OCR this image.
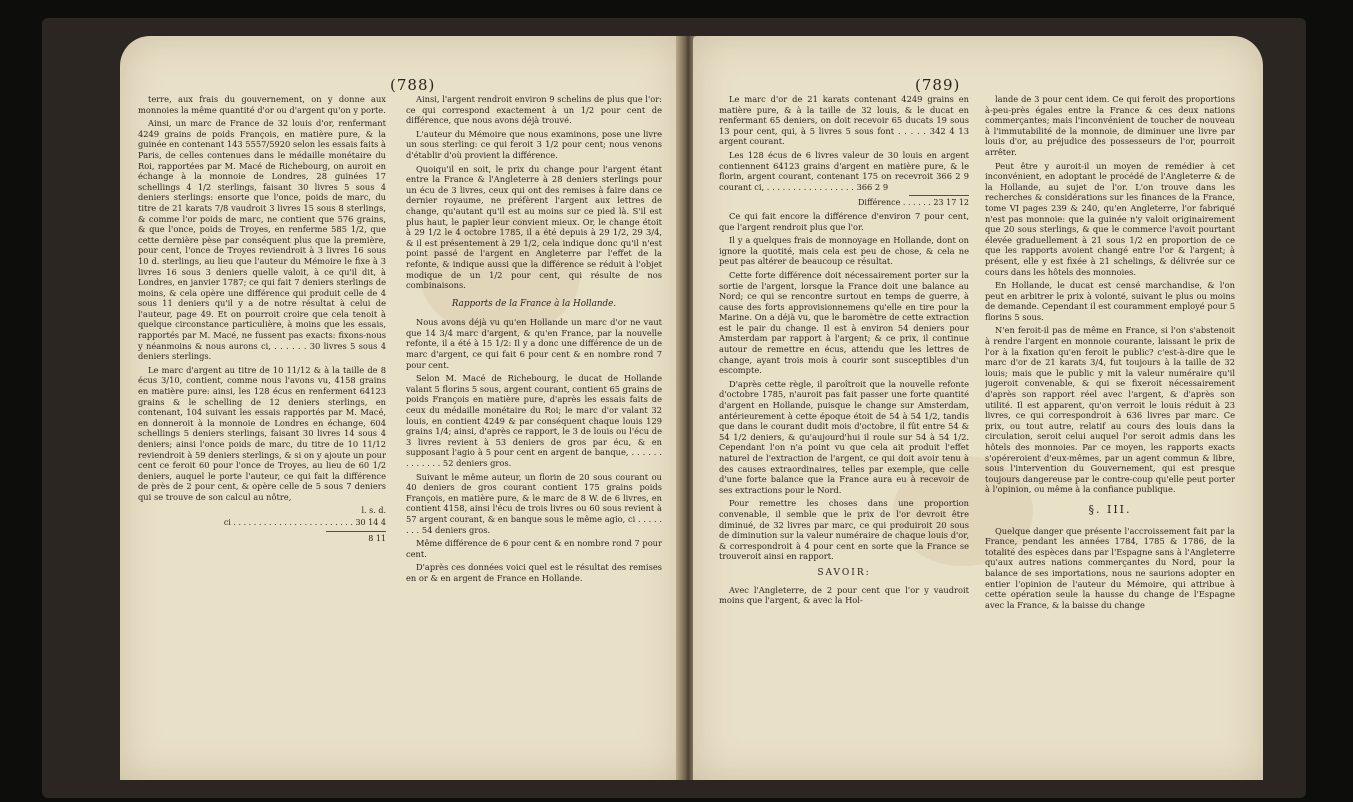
(788)

terre, aux frais du gouvernement, on y donne aux monnoies la même quantité d'or ou d'argent qu'on y porte.

Ainsi, un marc de France de 32 louis d'or, renfermant 4249 grains de poids François, en matière pure, & la guinée en contenant 143 5557/5920 selon les essais faits à Paris, de celles contenues dans le médaille monétaire du Roi, rapportées par M. Macé de Richebourg, on auroit en échange à la monnoie de Londres, 28 guinées 17 schellings 4 1/2 sterlings, faisant 30 livres 5 sous 4 deniers sterlings: ensorte que l'once, poids de marc, du titre de 21 karats 7/8 vaudroit 3 livres 15 sous 8 sterlings, & comme l'or poids de marc, ne contient que 576 grains, & que l'once, poids de Troyes, en renferme 585 1/2, que cette dernière pèse par conséquent plus que la première, pour cent, l'once de Troyes reviendroit à 3 livres 16 sous 10 d. sterlings, au lieu que l'auteur du Mémoire le fixe à 3 livres 16 sous 3 deniers quelle valoit, à ce qu'il dit, à Londres, en janvier 1787; ce qui fait 7 deniers sterlings de moins, & cela opère une différence qui produit celle de 4 sous 11 deniers qu'il y a de notre résultat à celui de l'auteur, page 49. Et on pourroit croire que cela tenoit à quelque circonstance particulière, à moins que les essais, rapportés par M. Macé, ne fussent pas exacts: fixons-nous y néanmoins & nous aurons ci, . . . . . . 30 livres 5 sous 4 deniers sterlings.

Le marc d'argent au titre de 10 11/12 & à la taille de 8 écus 3/10, contient, comme nous l'avons vu, 4158 grains en matière pure: ainsi, les 128 écus en renferment 64123 grains & le schelling de 12 deniers sterlings, en contenant, 104 suivant les essais rapportés par M. Macé, en donneroit à la monnoie de Londres en échange, 604 schellings 5 deniers sterlings, faisant 30 livres 14 sous 4 deniers; ainsi l'once poids de marc, du titre de 10 11/12 reviendroit à 59 deniers sterlings, & si on y ajoute un pour cent ce feroit 60 pour l'once de Troyes, au lieu de 60 1/2 deniers, auquel le porte l'auteur, ce qui fait la différence de près de 2 pour cent, & opère celle de 5 sous 7 deniers qui se trouve de son calcul au nôtre,

l. s. d.
ci . . . . . . . . . . . . . . . . . . . . . . . . 30 14 4
8 11

Ainsi, l'argent rendroit environ 9 schelins de plus que l'or: ce qui correspond exactement à un 1/2 pour cent de différence, que nous avons déjà trouvé.

L'auteur du Mémoire que nous examinons, pose une livre un sous sterling: ce qui feroit 3 1/2 pour cent; nous venons d'établir d'où provient la différence.

Quoiqu'il en soit, le prix du change pour l'argent étant entre la France & l'Angleterre à 28 deniers sterlings pour un écu de 3 livres, ceux qui ont des remises à faire dans ce dernier royaume, ne préfèrent l'argent aux lettres de change, qu'autant qu'il est au moins sur ce pied là. S'il est plus haut, le papier leur convient mieux. Or, le change étoit à 29 1/2 le 4 octobre 1785, il a été depuis à 29 1/2, 29 3/4, & il est présentement à 29 1/2, cela indique donc qu'il n'est point passé de l'argent en Angleterre par l'effet de la refonte, & indique aussi que la différence se réduit à l'objet modique de un 1/2 pour cent, qui résulte de nos combinaisons.

Rapports de la France à la Hollande.

Nous avons déjà vu qu'en Hollande un marc d'or ne vaut que 14 3/4 marc d'argent, & qu'en France, par la nouvelle refonte, il a été à 15 1/2: Il y a donc une différence de un de marc d'argent, ce qui fait 6 pour cent & en nombre rond 7 pour cent.

Selon M. Macé de Richebourg, le ducat de Hollande valant 5 florins 5 sous, argent courant, contient 65 grains de poids François en matière pure, d'après les essais faits de ceux du médaille monétaire du Roi; le marc d'or valant 32 louis, en contient 4249 & par conséquent chaque louis 129 grains 1/4; ainsi, d'après ce rapport, le 3 de louis ou l'écu de 3 livres revient à 53 deniers de gros par écu, & en supposant l'agio à 5 pour cent en argent de banque, . . . . . . . . . . . . . 52 deniers gros.

Suivant le même auteur, un florin de 20 sous courant ou 40 deniers de gros courant contient 175 grains poids François, en matière pure, & le marc de 8 W. de 6 livres, en contient 4158, ainsi l'écu de trois livres ou 60 sous revient à 57 argent courant, & en banque sous le même agio, ci . . . . . . . . 54 deniers gros.

Même différence de 6 pour cent & en nombre rond 7 pour cent.

D'après ces données voici quel est le résultat des remises en or & en argent de France en Hollande.

(789)

Le marc d'or de 21 karats contenant 4249 grains en matière pure, & à la taille de 32 louis, & le ducat en renfermant 65 deniers, on doit recevoir 65 ducats 19 sous 13 pour cent, qui, à 5 livres 5 sous font . . . . . 342 4 13 argent courant.

Les 128 écus de 6 livres valeur de 30 louis en argent contiennent 64123 grains d'argent en matière pure, & le florin, argent courant, contenant 175 on recevroit 366 2 9 courant ci, . . . . . . . . . . . . . . . . . 366 2 9

Différence . . . . . . 23 17 12

Ce qui fait encore la différence d'environ 7 pour cent, que l'argent rendroit plus que l'or.

Il y a quelques frais de monnoyage en Hollande, dont on ignore la quotité, mais cela est peu de chose, & cela ne peut pas altérer de beaucoup ce résultat.

Cette forte différence doit nécessairement porter sur la sortie de l'argent, lorsque la France doit une balance au Nord; ce qui se rencontre surtout en temps de guerre, à cause des forts approvisionnemens qu'elle en tire pour la Marine. On a déjà vu, que le baromètre de cette extraction est le pair du change. Il est à environ 54 deniers pour Amsterdam par rapport à l'argent; & ce prix, il continue autour de remettre en écus, attendu que les lettres de change, ayant trois mois à courir sont susceptibles d'un escompte.

D'après cette règle, il paroîtroit que la nouvelle refonte d'octobre 1785, n'auroit pas fait passer une forte quantité d'argent en Hollande, puisque le change sur Amsterdam, antérieurement à cette époque étoit de 54 à 54 1/2, tandis que dans le courant dudit mois d'octobre, il fût entre 54 & 54 1/2 deniers, & qu'aujourd'hui il roule sur 54 à 54 1/2. Cependant l'on n'a point vu que cela ait produit l'effet naturel de l'extraction de l'argent, ce qui doit avoir tenu à des causes extraordinaires, telles par exemple, que celle d'une forte balance que la France aura eu à recevoir de ses extractions pour le Nord.

Pour remettre les choses dans une proportion convenable, il semble que le prix de l'or devroit être diminué, de 32 livres par marc, ce qui produiroit 20 sous de diminution sur la valeur numéraire de chaque louis d'or, & correspondroit à 4 pour cent en sorte que la France se trouveroit ainsi en rapport.

SAVOIR:

Avec l'Angleterre, de 2 pour cent que l'or y vaudroit moins que l'argent, & avec la Hol-

lande de 3 pour cent idem. Ce qui feroit des proportions à-peu-près égales entre la France & ces deux nations commerçantes; mais l'inconvénient de toucher de nouveau à l'immutabilité de la monnoie, de diminuer une livre par louis d'or, au préjudice des possesseurs de l'or, pourroit arrêter.

Peut être y auroit-il un moyen de remédier à cet inconvénient, en adoptant le procédé de l'Angleterre & de la Hollande, au sujet de l'or. L'on trouve dans les recherches & considérations sur les finances de la France, tome VI pages 239 & 240, qu'en Angleterre, l'or fabriqué n'est pas monnoie: que la guinée n'y valoit originairement que 20 sous sterlings, & que le commerce l'avoit pourtant élevée graduellement à 21 sous 1/2 en proportion de ce que les rapports avoient changé entre l'or & l'argent; à présent, elle y est fixée à 21 schelings, & délivrée sur ce cours dans les hôtels des monnoies.

En Hollande, le ducat est censé marchandise, & l'on peut en arbitrer le prix à volonté, suivant le plus ou moins de demande. Cependant il est couramment employé pour 5 florins 5 sous.

N'en feroit-il pas de même en France, si l'on s'abstenoit à rendre l'argent en monnoie courante, laissant le prix de l'or à la fixation qu'en feroit le public? c'est-à-dire que le marc d'or de 21 karats 3/4, fut toujours à la taille de 32 louis; mais que le public y mit la valeur numéraire qu'il jugeroit convenable, & qui se fixeroit nécessairement d'après son rapport réel avec l'argent, & d'après son utilité. Il est apparent, qu'on verroit le louis réduit à 23 livres, ce qui correspondroit à 636 livres par marc. Ce prix, ou tout autre, relatif au cours des louis dans la circulation, seroit celui auquel l'or seroit admis dans les hôtels des monnoies. Par ce moyen, les rapports exacts s'opéreroient d'eux-mêmes, par un agent commun & libre, sous l'intervention du Gouvernement, qui est presque toujours dangereuse par le contre-coup qu'elle peut porter à l'opinion, ou même à la confiance publique.

§. III.

Quelque danger que présente l'accroissement fait par la France, pendant les années 1784, 1785 & 1786, de la totalité des espèces dans par l'Espagne sans à l'Angleterre qu'aux autres nations commerçantes du Nord, pour la balance de ses importations, nous ne saurions adopter en entier l'opinion de l'auteur du Mémoire, qui attribue à cette opération seule la hausse du change de l'Espagne avec la France, & la baisse du change
